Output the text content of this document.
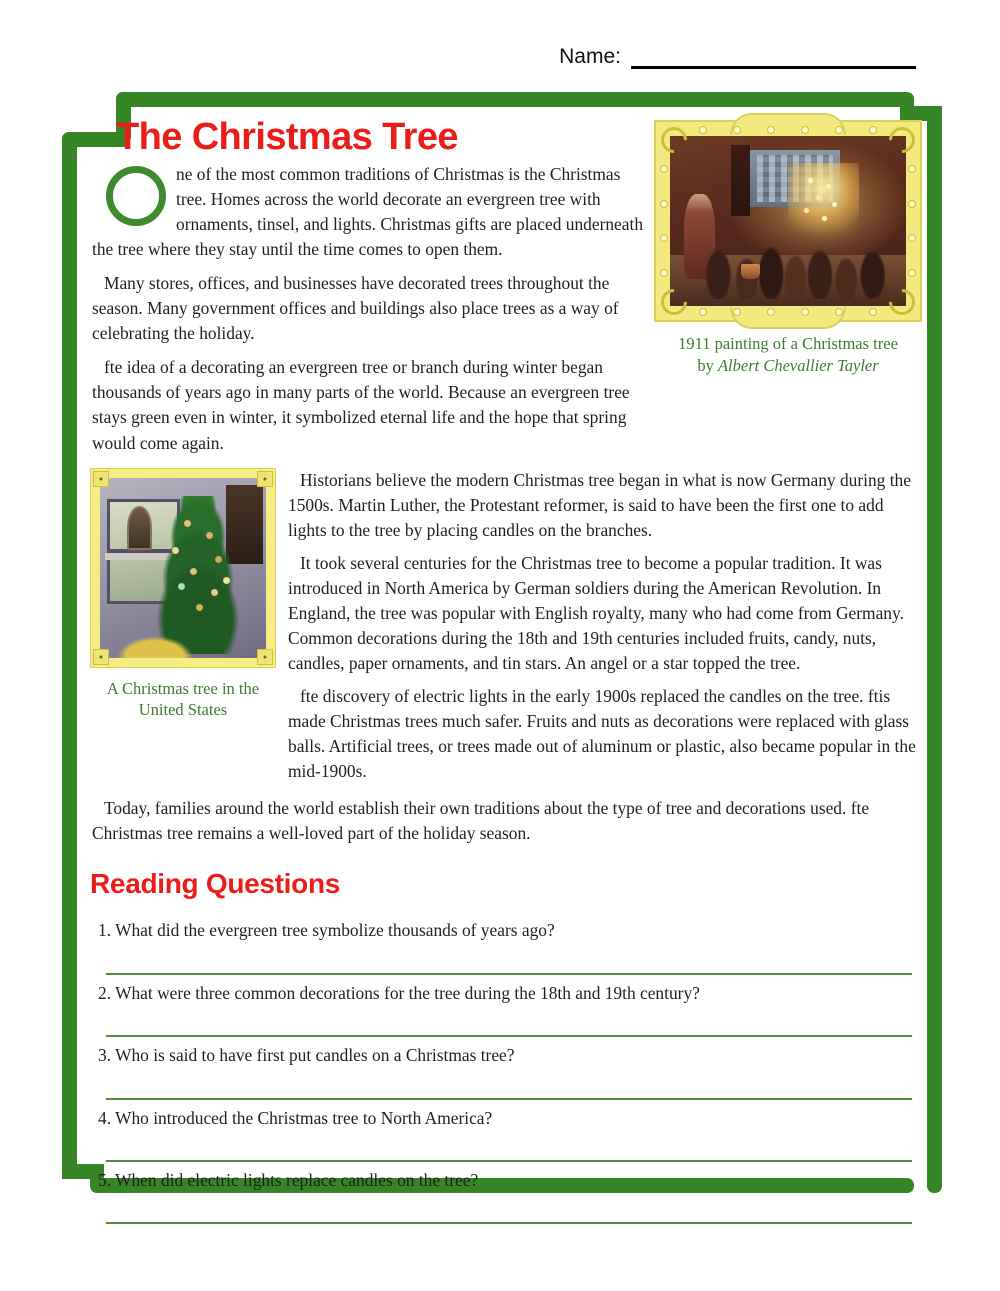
Name:
1911 painting of a Christmas tree
by Albert Chevallier Tayler
The Christmas Tree

ne of the most common traditions of Christmas is the Christmas tree. Homes across the world decorate an evergreen tree with ornaments, tinsel, and lights. Christmas gifts are placed underneath the tree where they stay until the time comes to open them.

Many stores, offices, and businesses have decorated trees throughout the season. Many government offices and buildings also place trees as a way of celebrating the holiday.

fte idea of a decorating an evergreen tree or branch during winter began thousands of years ago in many parts of the world. Because an evergreen tree stays green even in winter, it symbolized eternal life and the hope that spring would come again.

A Christmas tree in the
United States

Historians believe the modern Christmas tree began in what is now Germany during the 1500s. Martin Luther, the Protestant reformer, is said to have been the first one to add lights to the tree by placing candles on the branches.

It took several centuries for the Christmas tree to become a popular tradition. It was introduced in North America by German soldiers during the American Revolution. In England, the tree was popular with English royalty, many who had come from Germany. Common decorations during the 18th and 19th centuries included fruits, candy, nuts, candles, paper ornaments, and tin stars. An angel or a star topped the tree.

fte discovery of electric lights in the early 1900s replaced the candles on the tree. ftis made Christmas trees much safer. Fruits and nuts as decorations were replaced with glass balls. Artificial trees, or trees made out of aluminum or plastic, also became popular in the mid-1900s.

Today, families around the world establish their own traditions about the type of tree and decorations used. fte Christmas tree remains a well-loved part of the holiday season.

Reading Questions
1. What did the evergreen tree symbolize thousands of years ago?
2. What were three common decorations for the tree during the 18th and 19th century?
3. Who is said to have first put candles on a Christmas tree?
4. Who introduced the Christmas tree to North America?
5. When did electric lights replace candles on the tree?
